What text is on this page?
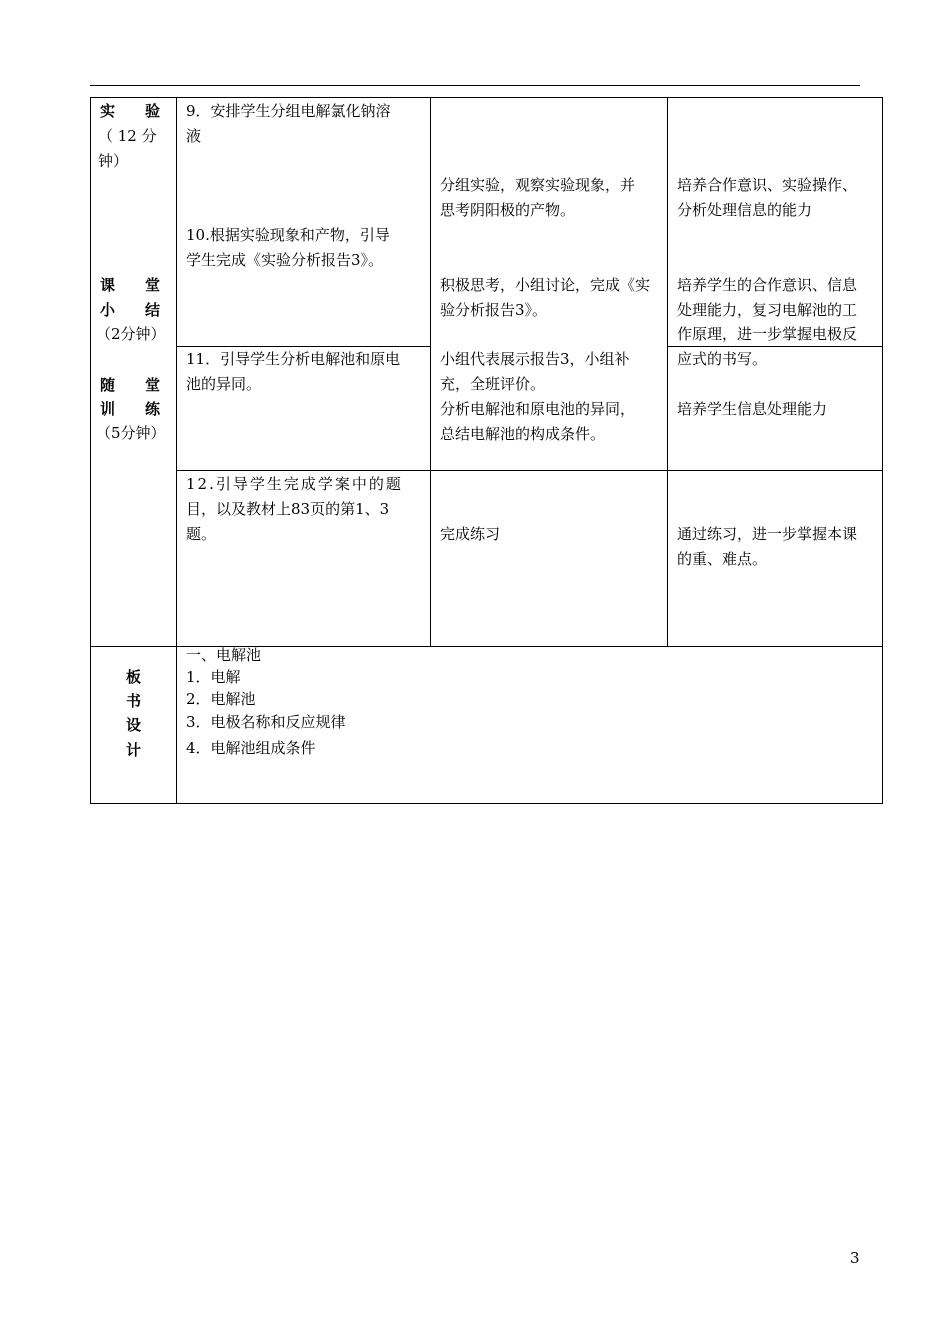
实 验
（ 12 分
钟）
课 堂
小 结
（2分钟）
随 堂
训 练
（5分钟）
9．安排学生分组电解氯化钠溶
液
分组实验，观察实验现象，并
思考阴阳极的产物。
培养合作意识、实验操作、
分析处理信息的能力
10.根据实验现象和产物，引导
学生完成《实验分析报告3》。
积极思考，小组讨论，完成《实
验分析报告3》。
培养学生的合作意识、信息
处理能力，复习电解池的工
作原理，进一步掌握电极反
11．引导学生分析电解池和原电
池的异同。
小组代表展示报告3，小组补
充，全班评价。
分析电解池和原电池的异同，
总结电解池的构成条件。
应式的书写。
培养学生信息处理能力
12.引导学生完成学案中的题
目，以及教材上83页的第1、3
题。	完成练习	通过练习，进一步掌握本课
的重、难点。
板
书
设
计
一、电解池
1．电解
2．电解池
3．电极名称和反应规律
4．电解池组成条件
3
